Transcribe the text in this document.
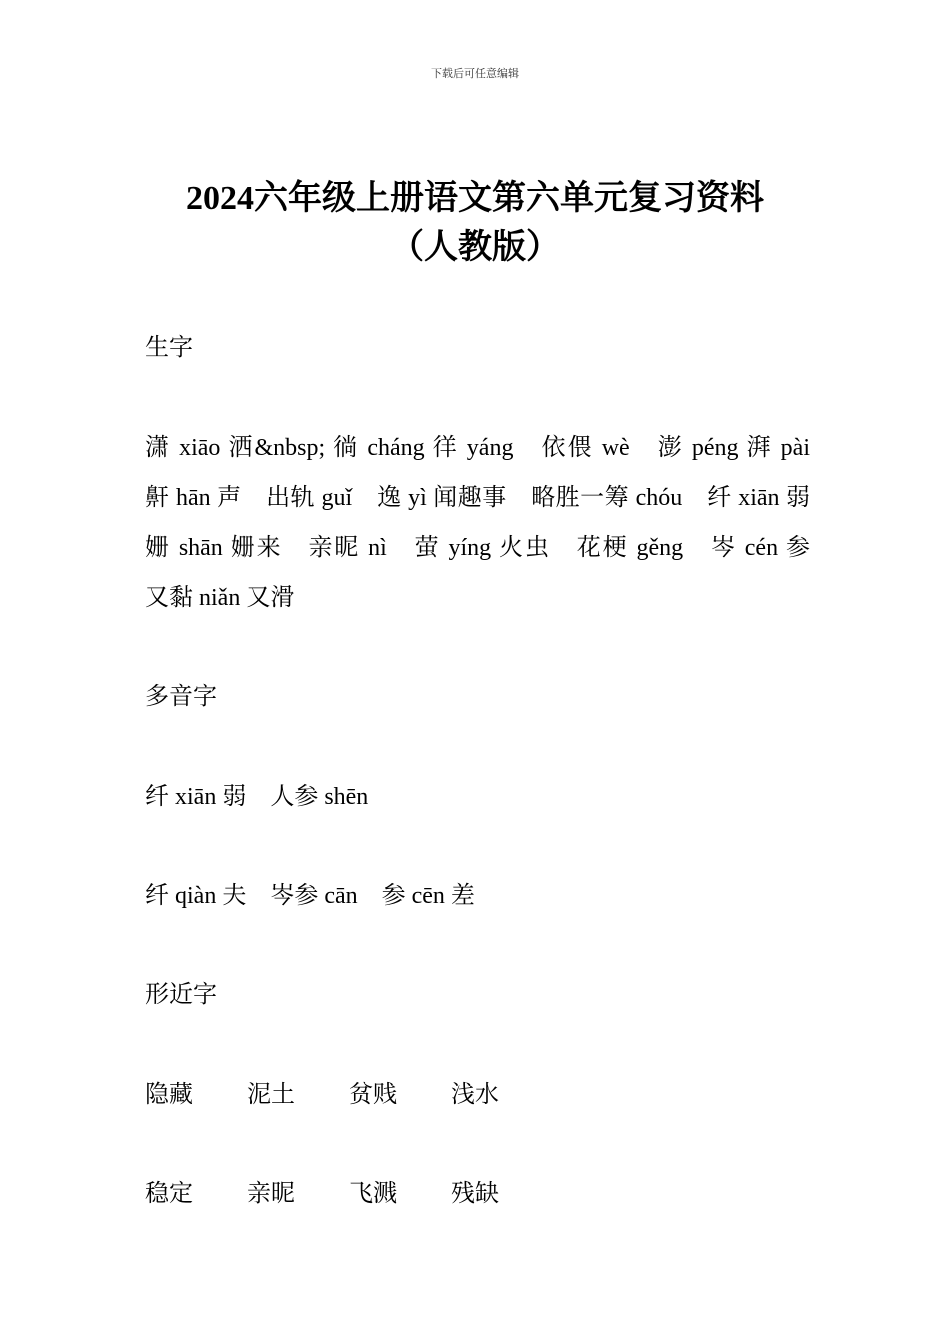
下载后可任意编辑
2024六年级上册语文第六单元复习资料
（人教版）

生字

潇 xiāo 洒&nbsp; 徜 cháng 徉 yáng　依偎 wè　澎 péng 湃 pài　鼾 hān 声　出轨 guǐ　逸 yì 闻趣事　略胜一筹 chóu　纤 xiān 弱　姗 shān 姗来　亲昵 nì　萤 yíng 火虫　花梗 gěng　岑 cén 参　又黏 niǎn 又滑

多音字

纤 xiān 弱　人参 shēn

纤 qiàn 夫　岑参 cān　参 cēn 差

形近字

隐藏	泥土	贫贱	浅水
稳定	亲昵	飞溅	残缺
